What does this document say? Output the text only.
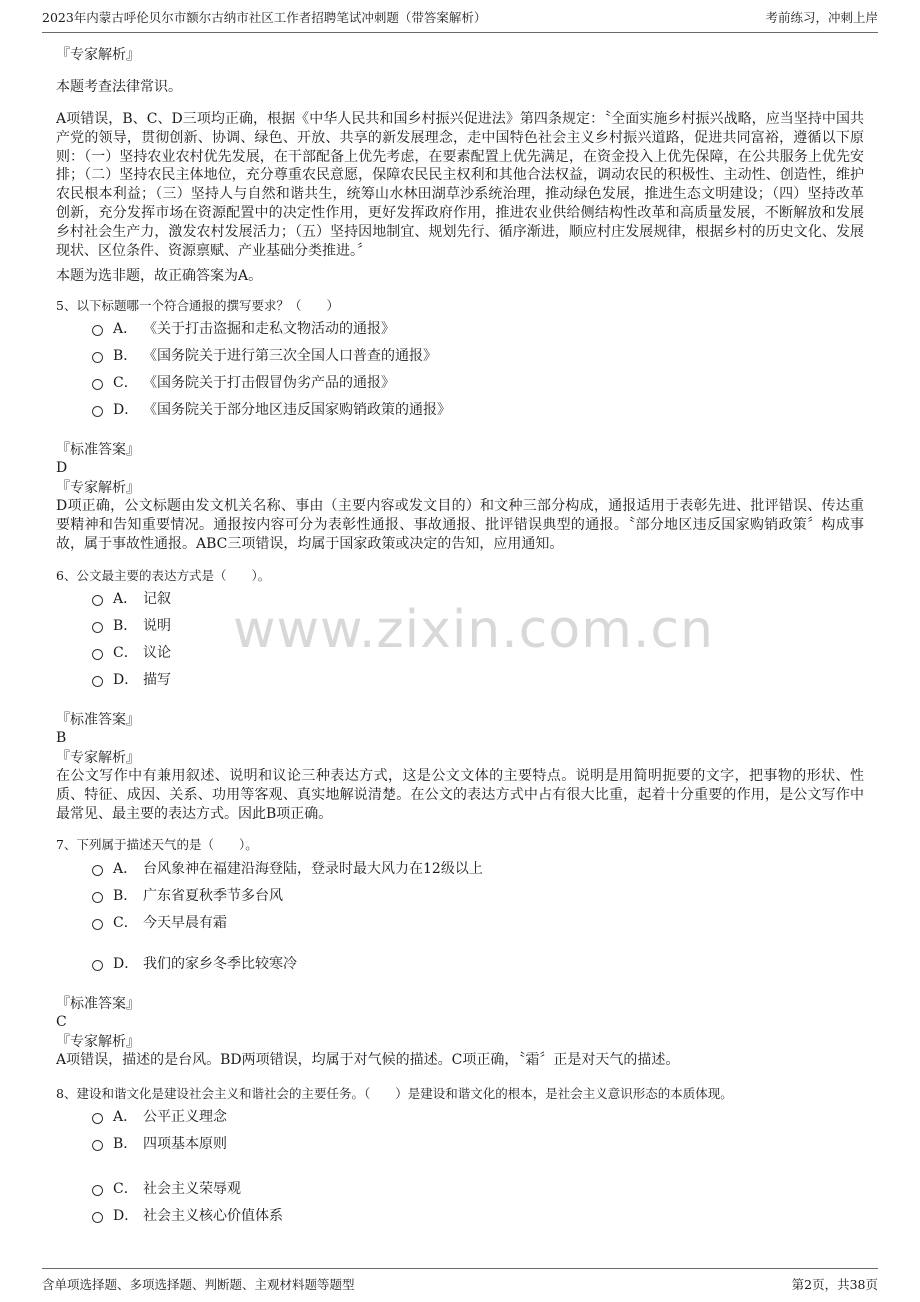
2023年内蒙古呼伦贝尔市额尔古纳市社区工作者招聘笔试冲刺题（带答案解析）	考前练习，冲刺上岸
www.zixin.com.cn
『专家解析』
本题考查法律常识。
A项错误，B、C、D三项均正确，根据《中华人民共和国乡村振兴促进法》第四条规定：〝全面实施乡村振兴战略，应当坚持中国共产党的领导，贯彻创新、协调、绿色、开放、共享的新发展理念，走中国特色社会主义乡村振兴道路，促进共同富裕，遵循以下原则：（一）坚持农业农村优先发展，在干部配备上优先考虑，在要素配置上优先满足，在资金投入上优先保障，在公共服务上优先安排；（二）坚持农民主体地位，充分尊重农民意愿，保障农民民主权利和其他合法权益，调动农民的积极性、主动性、创造性，维护农民根本利益；（三）坚持人与自然和谐共生，统筹山水林田湖草沙系统治理，推动绿色发展，推进生态文明建设；（四）坚持改革创新，充分发挥市场在资源配置中的决定性作用，更好发挥政府作用，推进农业供给侧结构性改革和高质量发展，不断解放和发展乡村社会生产力，激发农村发展活力；（五）坚持因地制宜、规划先行、循序渐进，顺应村庄发展规律，根据乡村的历史文化、发展现状、区位条件、资源禀赋、产业基础分类推进。〞
本题为选非题，故正确答案为A。
5、以下标题哪一个符合通报的撰写要求？（　　）
A． 《关于打击盗掘和走私文物活动的通报》
B． 《国务院关于进行第三次全国人口普查的通报》
C． 《国务院关于打击假冒伪劣产品的通报》
D． 《国务院关于部分地区违反国家购销政策的通报》
『标准答案』
D
『专家解析』
D项正确，公文标题由发文机关名称、事由（主要内容或发文目的）和文种三部分构成，通报适用于表彰先进、批评错误、传达重要精神和告知重要情况。通报按内容可分为表彰性通报、事故通报、批评错误典型的通报。〝部分地区违反国家购销政策〞构成事故，属于事故性通报。ABC三项错误，均属于国家政策或决定的告知，应用通知。
6、公文最主要的表达方式是（　　）。
A． 记叙
B． 说明
C． 议论
D． 描写
『标准答案』
B
『专家解析』
在公文写作中有兼用叙述、说明和议论三种表达方式，这是公文文体的主要特点。说明是用简明扼要的文字，把事物的形状、性质、特征、成因、关系、功用等客观、真实地解说清楚。在公文的表达方式中占有很大比重，起着十分重要的作用，是公文写作中最常见、最主要的表达方式。因此B项正确。
7、下列属于描述天气的是（　　）。
A． 台风象神在福建沿海登陆，登录时最大风力在12级以上
B． 广东省夏秋季节多台风
C． 今天早晨有霜
D． 我们的家乡冬季比较寒冷
『标准答案』
C
『专家解析』
A项错误，描述的是台风。BD两项错误，均属于对气候的描述。C项正确，〝霜〞正是对天气的描述。
8、建设和谐文化是建设社会主义和谐社会的主要任务。（　　）是建设和谐文化的根本，是社会主义意识形态的本质体现。
A． 公平正义理念
B． 四项基本原则
C． 社会主义荣辱观
D． 社会主义核心价值体系
含单项选择题、多项选择题、判断题、主观材料题等题型	第2页，共38页
